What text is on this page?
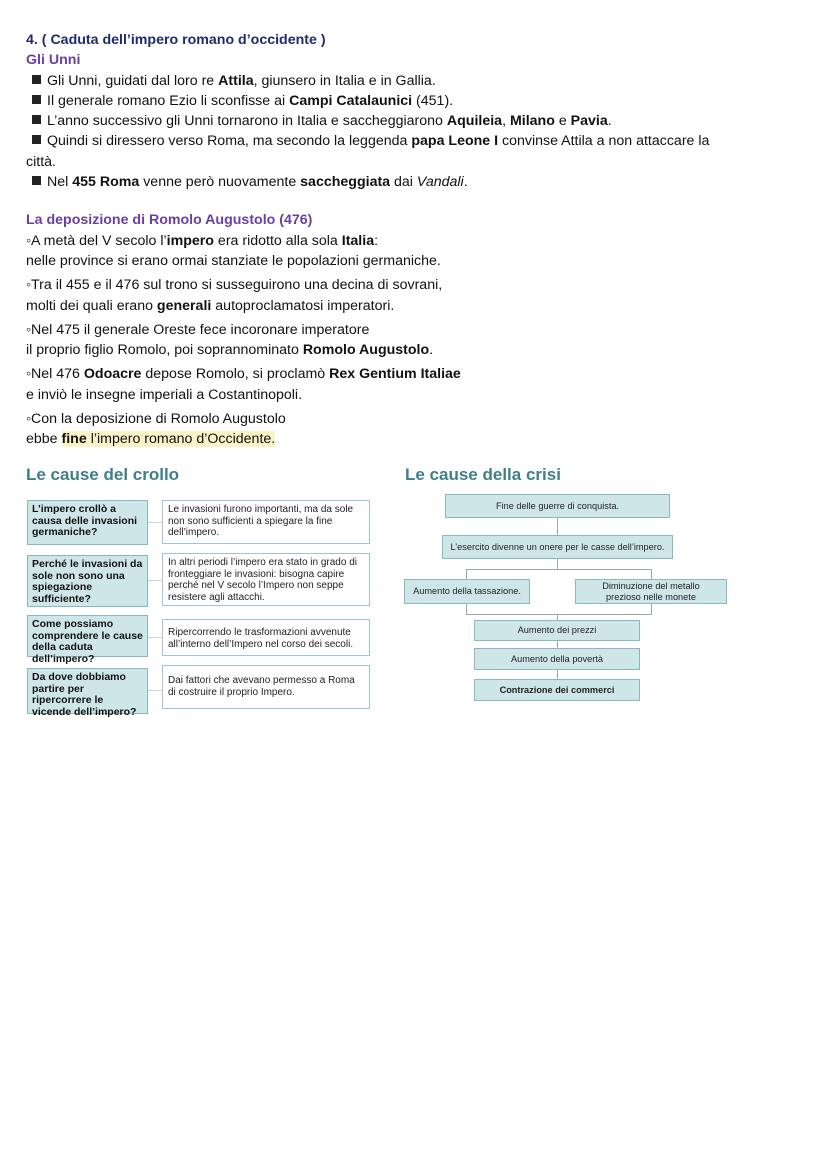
4. ( Caduta dell’impero romano d’occidente )
Gli Unni
Gli Unni, guidati dal loro re Attila, giunsero in Italia e in Gallia.
Il generale romano Ezio li sconfisse ai Campi Catalaunici (451).
L’anno successivo gli Unni tornarono in Italia e saccheggiarono Aquileia, Milano e Pavia.
Quindi si diressero verso Roma, ma secondo la leggenda papa Leone I convinse Attila a non attaccare la
città.
Nel 455 Roma venne però nuovamente saccheggiata dai Vandali.
La deposizione di Romolo Augustolo (476)
◦A metà del V secolo l’impero era ridotto alla sola Italia:
nelle province si erano ormai stanziate le popolazioni germaniche.
◦Tra il 455 e il 476 sul trono si susseguirono una decina di sovrani,
molti dei quali erano generali autoproclamatosi imperatori.
◦Nel 475 il generale Oreste fece incoronare imperatore
il proprio figlio Romolo, poi soprannominato Romolo Augustolo.
◦Nel 476 Odoacre depose Romolo, si proclamò Rex Gentium Italiae
e inviò le insegne imperiali a Costantinopoli.
◦Con la deposizione di Romolo Augustolo
ebbe fine l’impero romano d’Occidente.
Le cause del crollo
L’impero crollò a causa delle invasioni germaniche?
Le invasioni furono importanti, ma da sole non sono sufficienti a spiegare la fine dell’impero.
Perché le invasioni da sole non sono una spiegazione sufficiente?
In altri periodi l’impero era stato in grado di fronteggiare le invasioni: bisogna capire perché nel V secolo l’Impero non seppe resistere agli attacchi.
Come possiamo comprendere le cause della caduta dell’impero?
Ripercorrendo le trasformazioni avvenute all’interno dell’Impero nel corso dei secoli.
Da dove dobbiamo partire per ripercorrere le vicende dell’impero?
Dai fattori che avevano permesso a Roma di costruire il proprio Impero.
Le cause della crisi
Fine delle guerre di conquista.
L’esercito divenne un onere per le casse dell’impero.
Aumento della tassazione.
Diminuzione del metallo prezioso nelle monete
Aumento dei prezzi
Aumento della povertà
Contrazione dei commerci
